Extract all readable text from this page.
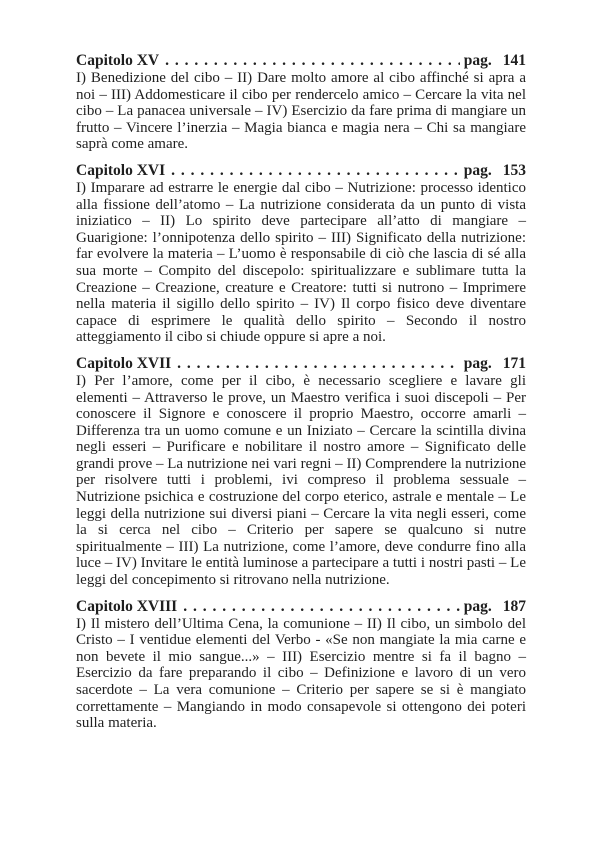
Capitolo XV . . .	pag. 141

I) Benedizione del cibo – II) Dare molto amore al cibo affinché si apra a noi – III) Addomesticare il cibo per rendercelo amico – Cercare la vita nel cibo – La panacea universale – IV) Esercizio da fare prima di mangiare un frutto – Vincere l’inerzia – Magia bianca e magia nera – Chi sa mangiare saprà come amare.

Capitolo XVI . . .	pag. 153

I) Imparare ad estrarre le energie dal cibo – Nutrizione: processo identico alla fissione dell’atomo – La nutrizione considerata da un punto di vista iniziatico – II) Lo spirito deve partecipare all’atto di mangiare – Guarigione: l’onnipotenza dello spirito – III) Significato della nutrizione: far evolvere la materia – L’uomo è responsabile di ciò che lascia di sé alla sua morte – Compito del discepolo: spiritualizzare e sublimare tutta la Creazione – Creazione, creature e Creatore: tutti si nutrono – Imprimere nella materia il sigillo dello spirito – IV) Il corpo fisico deve diventare capace di esprimere le qualità dello spirito – Secondo il nostro atteggiamento il cibo si chiude oppure si apre a noi.

Capitolo XVII . . .	pag. 171

I) Per l’amore, come per il cibo, è necessario scegliere e lavare gli elementi – Attraverso le prove, un Maestro verifica i suoi discepoli – Per conoscere il Signore e conoscere il proprio Maestro, occorre amarli – Differenza tra un uomo comune e un Iniziato – Cercare la scintilla divina negli esseri – Purificare e nobilitare il nostro amore – Significato delle grandi prove – La nutrizione nei vari regni – II) Comprendere la nutrizione per risolvere tutti i problemi, ivi compreso il problema sessuale – Nutrizione psichica e costruzione del corpo eterico, astrale e mentale – Le leggi della nutrizione sui diversi piani – Cercare la vita negli esseri, come la si cerca nel cibo – Criterio per sapere se qualcuno si nutre spiritualmente – III) La nutrizione, come l’amore, deve condurre fino alla luce – IV) Invitare le entità luminose a partecipare a tutti i nostri pasti – Le leggi del concepimento si ritrovano nella nutrizione.

Capitolo XVIII . . .	pag. 187

I) Il mistero dell’Ultima Cena, la comunione – II) Il cibo, un simbolo del Cristo – I ventidue elementi del Verbo - «Se non mangiate la mia carne e non bevete il mio sangue...» – III) Esercizio mentre si fa il bagno – Esercizio da fare preparando il cibo – Definizione e lavoro di un vero sacerdote – La vera comunione – Criterio per sapere se si è mangiato correttamente – Mangiando in modo consapevole si ottengono dei poteri sulla materia.
